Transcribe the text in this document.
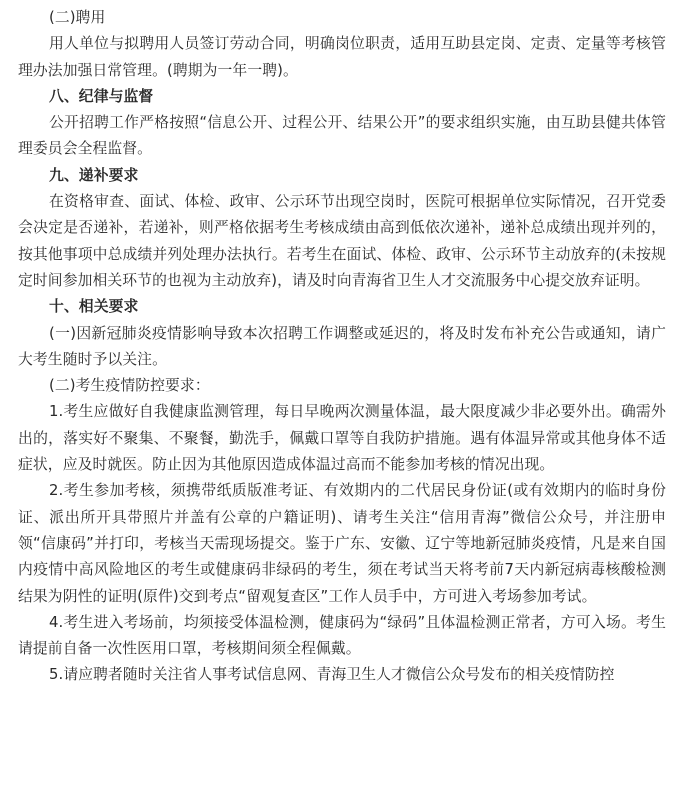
(二)聘用

用人单位与拟聘用人员签订劳动合同，明确岗位职责，适用互助县定岗、定责、定量等考核管理办法加强日常管理。(聘期为一年一聘)。

八、纪律与监督

公开招聘工作严格按照“信息公开、过程公开、结果公开”的要求组织实施，由互助县健共体管理委员会全程监督。

九、递补要求

在资格审查、面试、体检、政审、公示环节出现空岗时，医院可根据单位实际情况，召开党委会决定是否递补，若递补，则严格依据考生考核成绩由高到低依次递补，递补总成绩出现并列的，按其他事项中总成绩并列处理办法执行。若考生在面试、体检、政审、公示环节主动放弃的(未按规定时间参加相关环节的也视为主动放弃)，请及时向青海省卫生人才交流服务中心提交放弃证明。

十、相关要求

(一)因新冠肺炎疫情影响导致本次招聘工作调整或延迟的，将及时发布补充公告或通知，请广大考生随时予以关注。

(二)考生疫情防控要求：

1.考生应做好自我健康监测管理，每日早晚两次测量体温，最大限度减少非必要外出。确需外出的，落实好不聚集、不聚餐，勤洗手，佩戴口罩等自我防护措施。遇有体温异常或其他身体不适症状，应及时就医。防止因为其他原因造成体温过高而不能参加考核的情况出现。

2.考生参加考核，须携带纸质版准考证、有效期内的二代居民身份证(或有效期内的临时身份证、派出所开具带照片并盖有公章的户籍证明)、请考生关注“信用青海”微信公众号，并注册申领“信康码”并打印，考核当天需现场提交。鉴于广东、安徽、辽宁等地新冠肺炎疫情，凡是来自国内疫情中高风险地区的考生或健康码非绿码的考生，须在考试当天将考前7天内新冠病毒核酸检测结果为阴性的证明(原件)交到考点“留观复查区”工作人员手中，方可进入考场参加考试。

4.考生进入考场前，均须接受体温检测，健康码为“绿码”且体温检测正常者，方可入场。考生请提前自备一次性医用口罩，考核期间须全程佩戴。

5.请应聘者随时关注省人事考试信息网、青海卫生人才微信公众号发布的相关疫情防控
